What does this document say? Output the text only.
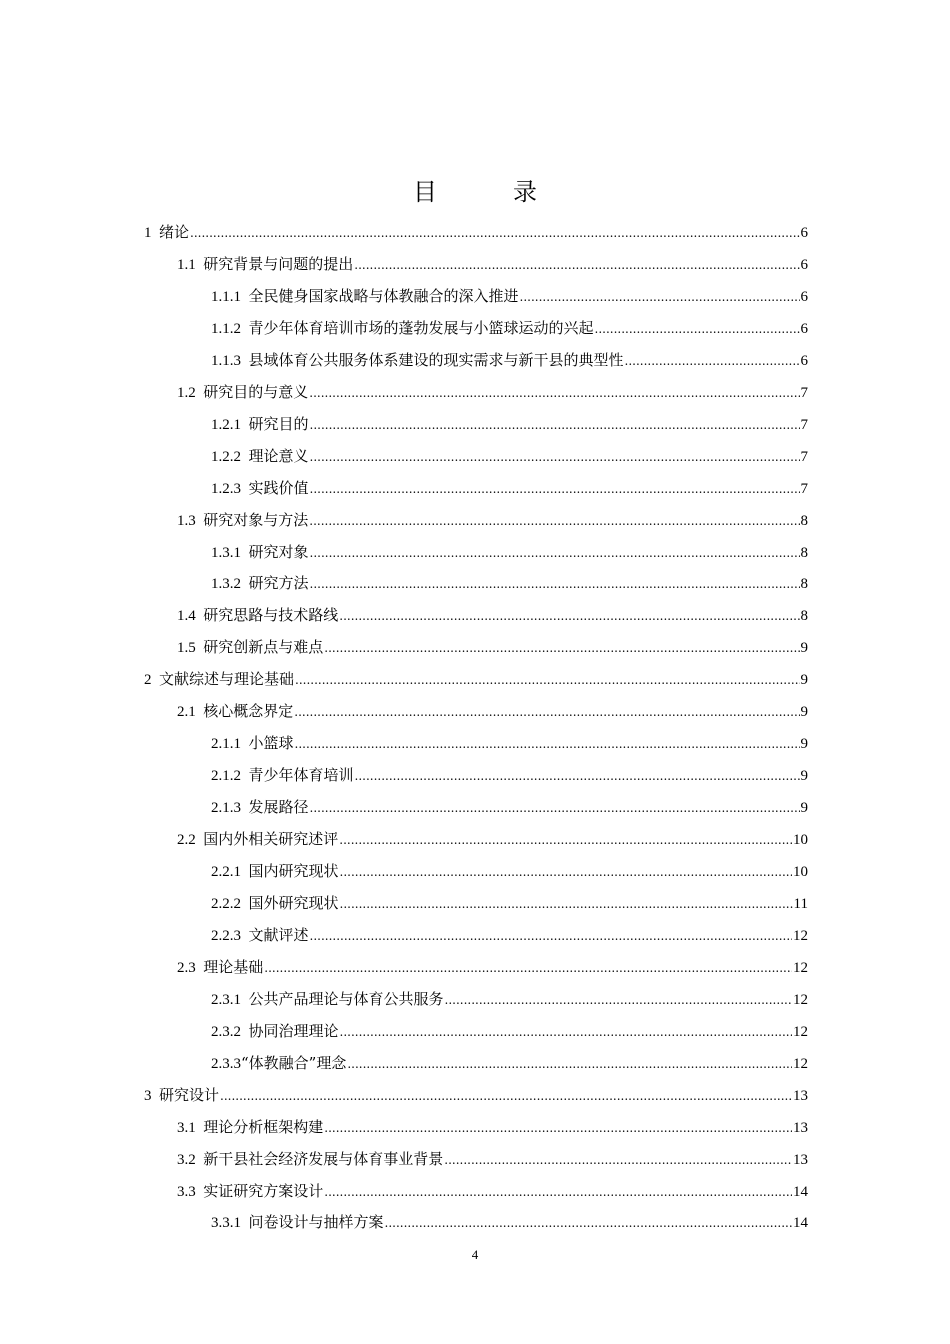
目　录
1
绪论 .....	6
1.1
研究背景与问题的提出 .....	6
1.1.1
全民健身国家战略与体教融合的深入推进 .....	6
1.1.2
青少年体育培训市场的蓬勃发展与小篮球运动的兴起 .....	6
1.1.3
县域体育公共服务体系建设的现实需求与新干县的典型性 .....	6
1.2
研究目的与意义 .....	7
1.2.1
研究目的 .....	7
1.2.2
理论意义 .....	7
1.2.3
实践价值 .....	7
1.3
研究对象与方法 .....	8
1.3.1
研究对象 .....	8
1.3.2
研究方法 .....	8
1.4
研究思路与技术路线 .....	8
1.5
研究创新点与难点 .....	9
2
文献综述与理论基础 .....	9
2.1
核心概念界定 .....	9
2.1.1
小篮球 .....	9
2.1.2
青少年体育培训 .....	9
2.1.3
发展路径 .....	9
2.2
国内外相关研究述评 .....	10
2.2.1
国内研究现状 .....	10
2.2.2
国外研究现状 .....	11
2.2.3
文献评述 .....	12
2.3
理论基础 .....	12
2.3.1
公共产品理论与体育公共服务 .....	12
2.3.2
协同治理理论 .....	12
2.3.3 “体教融合”理念 .....	12
3
研究设计 .....	13
3.1
理论分析框架构建 .....	13
3.2
新干县社会经济发展与体育事业背景 .....	13
3.3
实证研究方案设计 .....	14
3.3.1
问卷设计与抽样方案 .....	14
4
